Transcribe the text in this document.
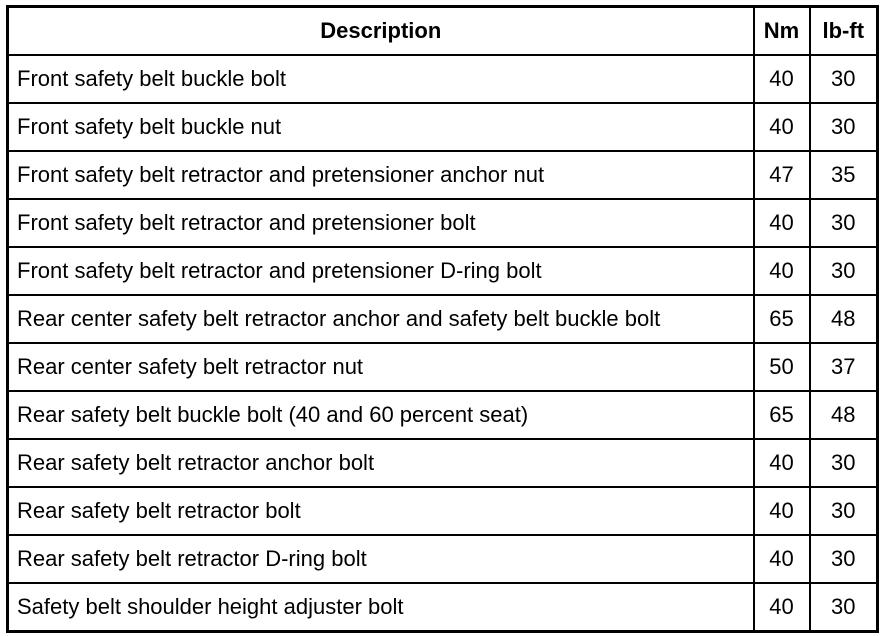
Description	Nm	lb-ft
Front safety belt buckle bolt	40	30
Front safety belt buckle nut	40	30
Front safety belt retractor and pretensioner anchor nut	47	35
Front safety belt retractor and pretensioner bolt	40	30
Front safety belt retractor and pretensioner D-ring bolt	40	30
Rear center safety belt retractor anchor and safety belt buckle bolt	65	48
Rear center safety belt retractor nut	50	37
Rear safety belt buckle bolt (40 and 60 percent seat)	65	48
Rear safety belt retractor anchor bolt	40	30
Rear safety belt retractor bolt	40	30
Rear safety belt retractor D-ring bolt	40	30
Safety belt shoulder height adjuster bolt	40	30
